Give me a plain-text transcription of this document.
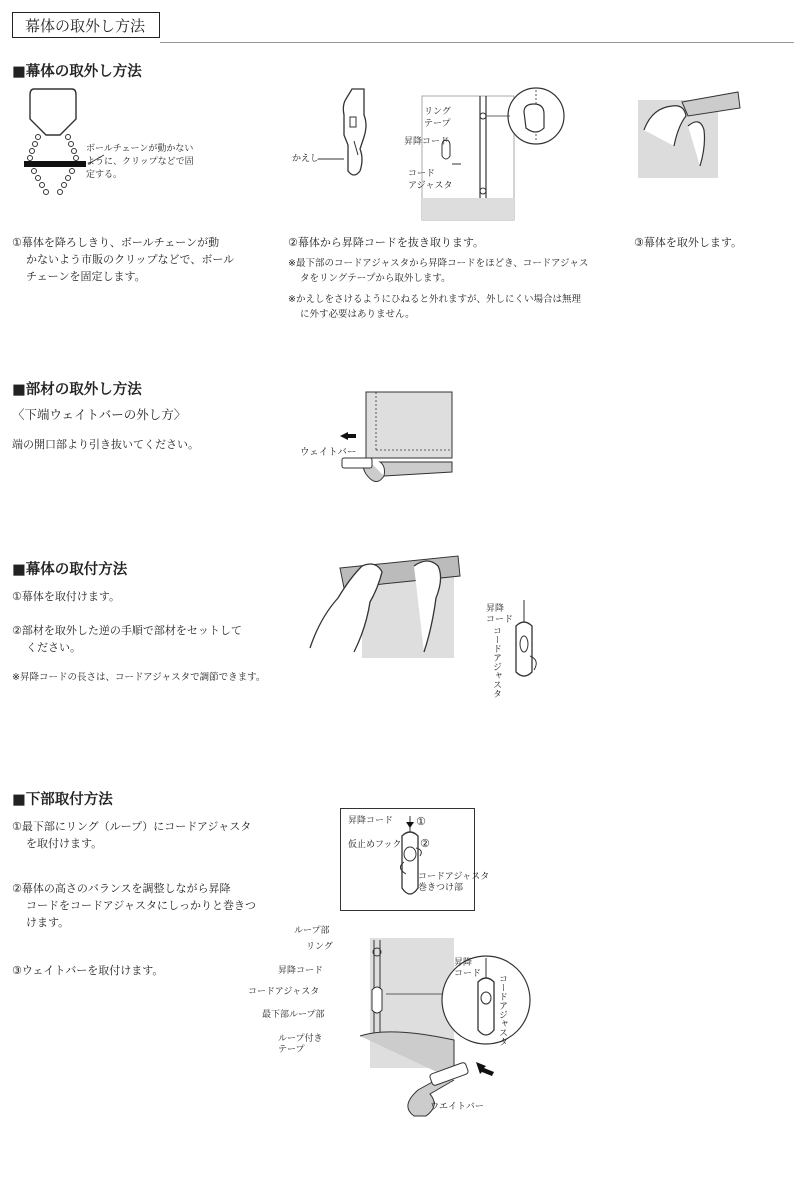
幕体の取外し方法
■幕体の取外し方法
ボールチェーンが動かない
ように、クリップなどで固
定する。
かえし
リング
テープ
昇降コード
コード
アジャスタ
①幕体を降ろしきり、ボールチェーンが動
かないよう市販のクリップなどで、ボール
チェーンを固定します。
②幕体から昇降コードを抜き取ります。
※最下部のコードアジャスタから昇降コードをほどき、コードアジャス
タをリングテープから取外します。
※かえしをさけるようにひねると外れますが、外しにくい場合は無理
に外す必要はありません。
③幕体を取外します。
■部材の取外し方法
〈下端ウェイトバーの外し方〉
端の開口部より引き抜いてください。
ウェイトバー
■幕体の取付方法
①幕体を取付けます。
②部材を取外した逆の手順で部材をセットして
ください。
※昇降コードの長さは、コードアジャスタで調節できます。
昇降
コード
コードアジャスタ
■下部取付方法
①最下部にリング（ループ）にコードアジャスタ
を取付けます。
②幕体の高さのバランスを調整しながら昇降
コードをコードアジャスタにしっかりと巻きつ
けます。
③ウェイトバーを取付けます。
昇降コード ①
仮止めフック ②
コードアジャスタ
巻きつけ部
ループ部
リング
昇降コード
コードアジャスタ
最下部ループ部
ループ付き
テープ
ウエイトバー
昇降
コード コードアジャスタ
